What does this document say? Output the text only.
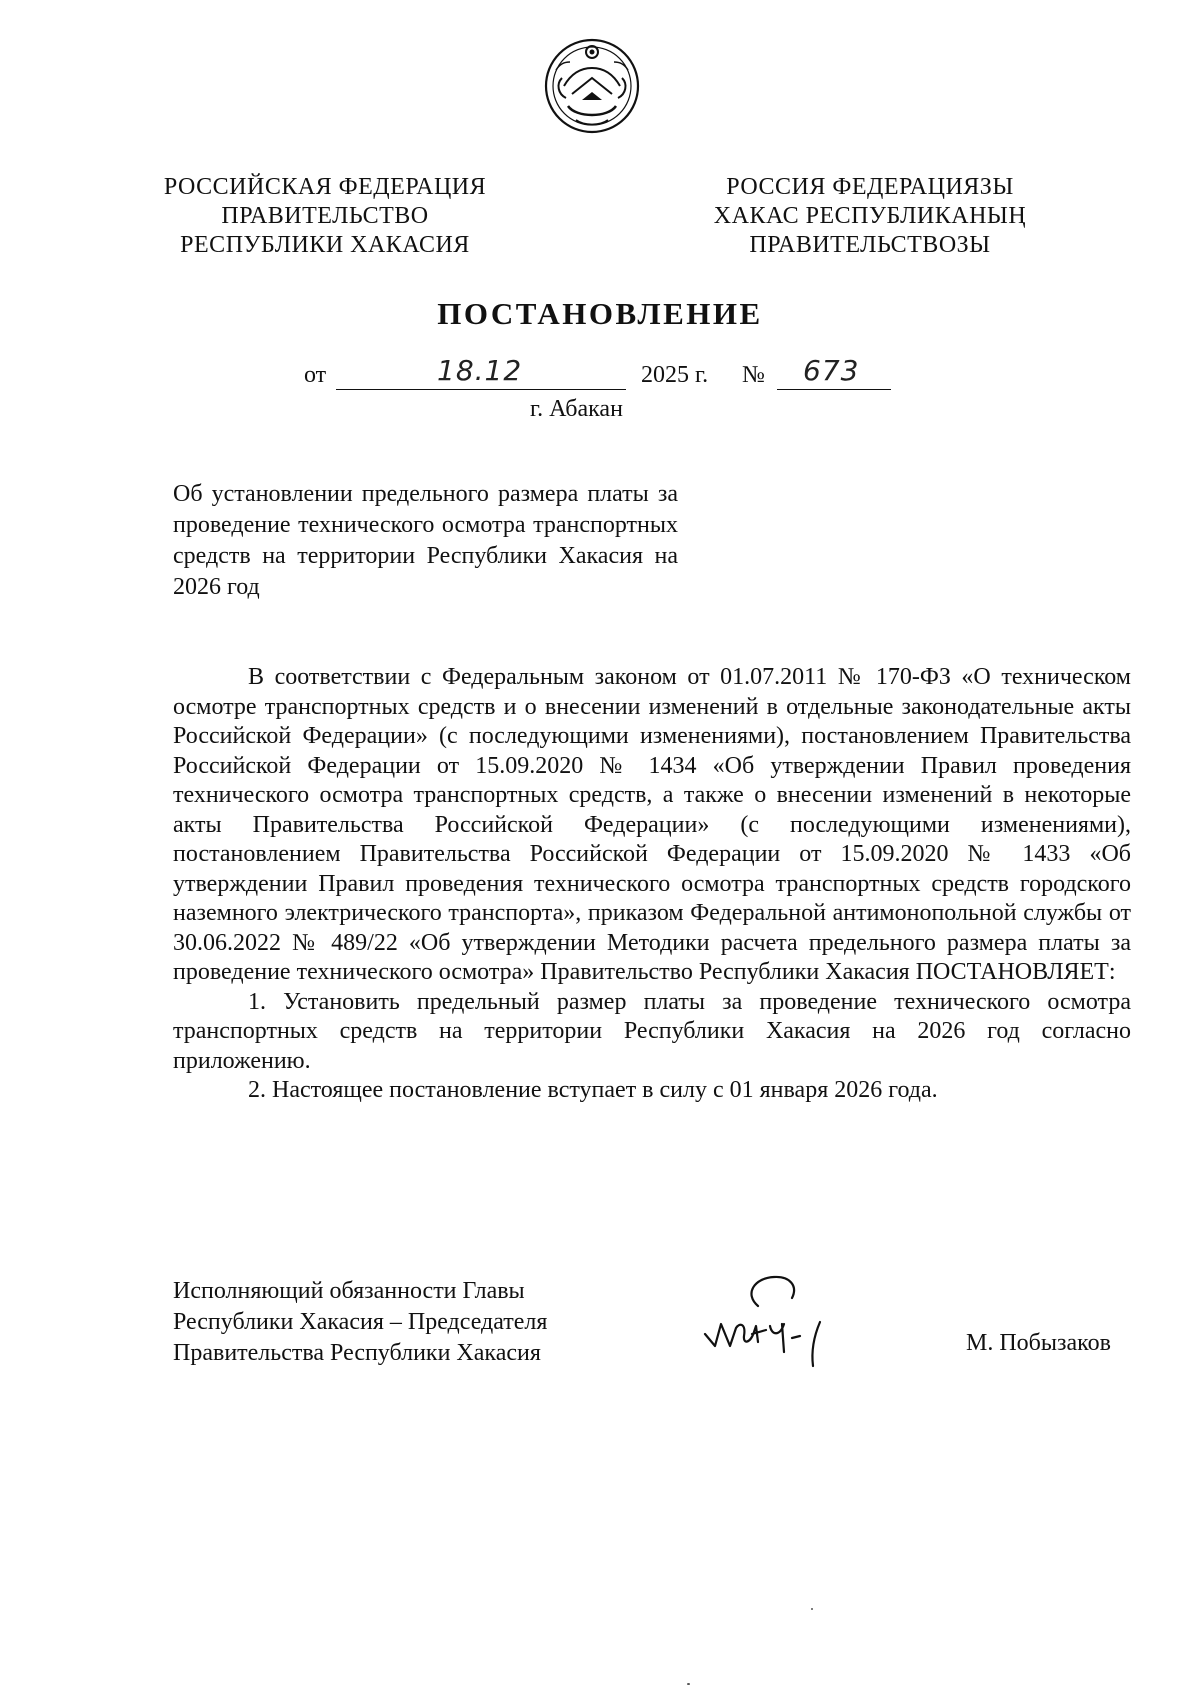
РОССИЙСКАЯ ФЕДЕРАЦИЯ
ПРАВИТЕЛЬСТВО
РЕСПУБЛИКИ ХАКАСИЯ
РОССИЯ ФЕДЕРАЦИЯЗЫ
ХАКАС РЕСПУБЛИКАНЫҢ
ПРАВИТЕЛЬСТВОЗЫ
ПОСТАНОВЛЕНИЕ
от	18.12	2025 г. № 673
г. Абакан
Об установлении предельного размера платы за проведение технического осмотра транспортных средств на территории Республики Хакасия на 2026 год

В соответствии с Федеральным законом от 01.07.2011 № 170-ФЗ «О техническом осмотре транспортных средств и о внесении изменений в отдельные законодательные акты Российской Федерации» (с последующими изменениями), постановлением Правительства Российской Федерации от 15.09.2020 № 1434 «Об утверждении Правил проведения технического осмотра транспортных средств, а также о внесении изменений в некоторые акты Правительства Российской Федерации» (с последующими изменениями), постановлением Правительства Российской Федерации от 15.09.2020 № 1433 «Об утверждении Правил проведения технического осмотра транспортных средств городского наземного электрического транспорта», приказом Федеральной антимонопольной службы от 30.06.2022 № 489/22 «Об утверждении Методики расчета предельного размера платы за проведение технического осмотра» Правительство Республики Хакасия ПОСТАНОВЛЯЕТ:

1. Установить предельный размер платы за проведение технического осмотра транспортных средств на территории Республики Хакасия на 2026 год согласно приложению.

2. Настоящее постановление вступает в силу с 01 января 2026 года.

Исполняющий обязанности Главы
Республики Хакасия – Председателя
Правительства Республики Хакасия	М. Побызаков
